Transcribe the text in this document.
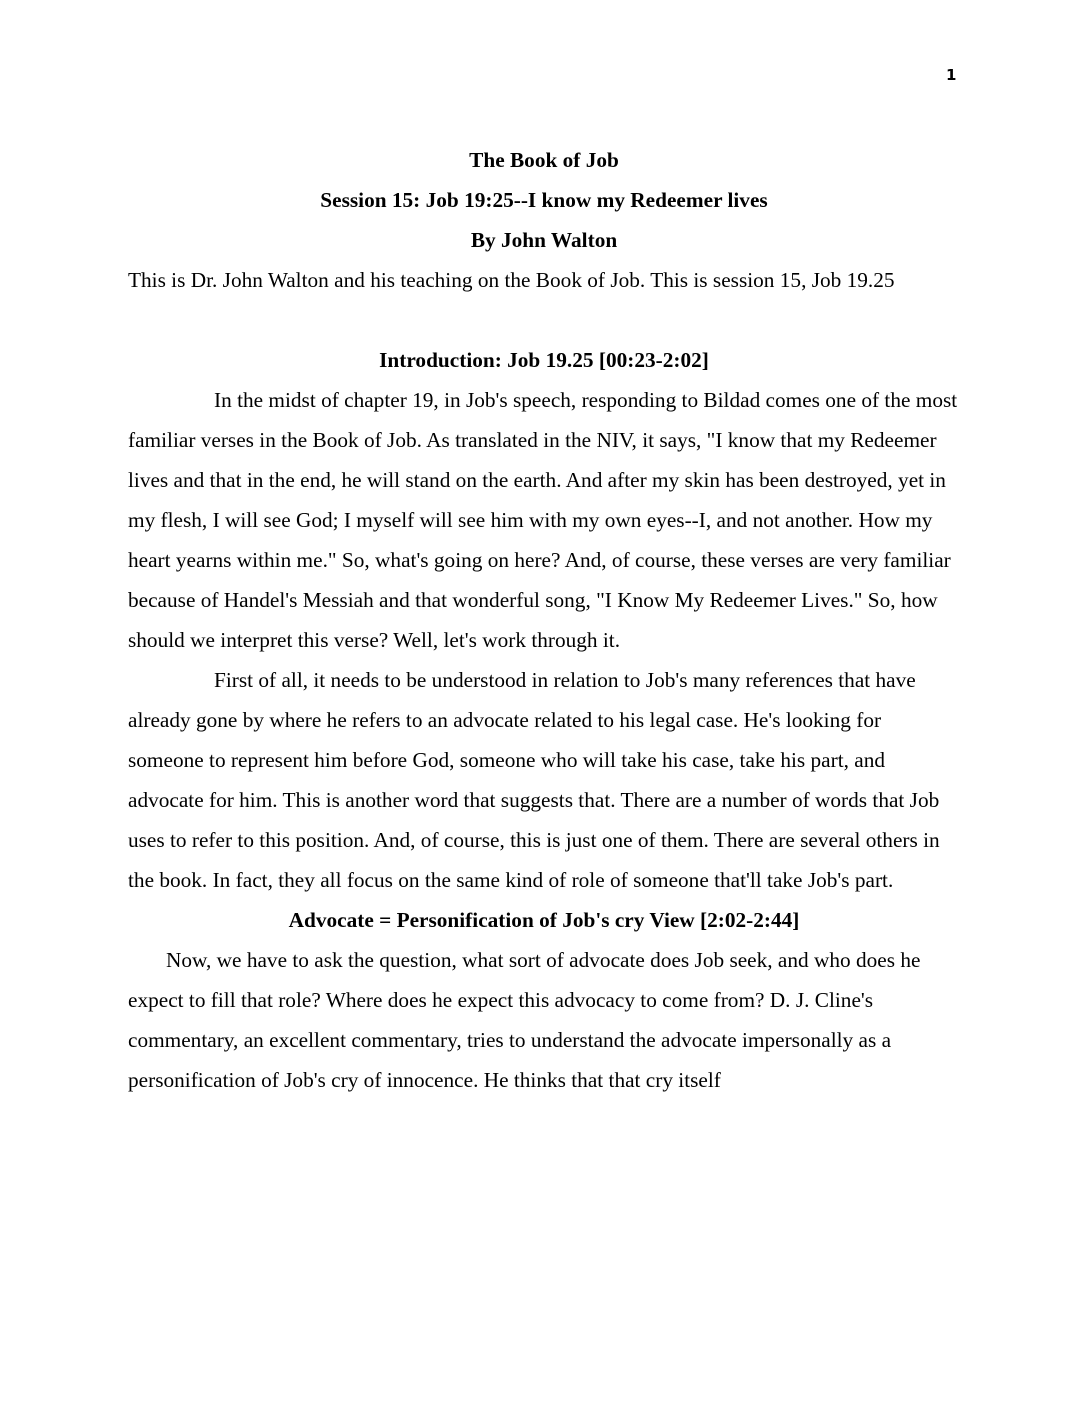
1

The Book of Job

Session 15: Job 19:25--I know my Redeemer lives

By John Walton

This is Dr. John Walton and his teaching on the Book of Job. This is session 15, Job 19.25

Introduction: Job 19.25 [00:23-2:02]

In the midst of chapter 19, in Job's speech, responding to Bildad comes one of the most familiar verses in the Book of Job. As translated in the NIV, it says, "I know that my Redeemer lives and that in the end, he will stand on the earth. And after my skin has been destroyed, yet in my flesh, I will see God; I myself will see him with my own eyes--I, and not another. How my heart yearns within me." So, what's going on here? And, of course, these verses are very familiar because of Handel's Messiah and that wonderful song, "I Know My Redeemer Lives." So, how should we interpret this verse? Well, let's work through it.

First of all, it needs to be understood in relation to Job's many references that have already gone by where he refers to an advocate related to his legal case. He's looking for someone to represent him before God, someone who will take his case, take his part, and advocate for him. This is another word that suggests that. There are a number of words that Job uses to refer to this position. And, of course, this is just one of them. There are several others in the book. In fact, they all focus on the same kind of role of someone that'll take Job's part.

Advocate = Personification of Job's cry View [2:02-2:44]

Now, we have to ask the question, what sort of advocate does Job seek, and who does he expect to fill that role? Where does he expect this advocacy to come from? D. J. Cline's commentary, an excellent commentary, tries to understand the advocate impersonally as a personification of Job's cry of innocence. He thinks that that cry itself
